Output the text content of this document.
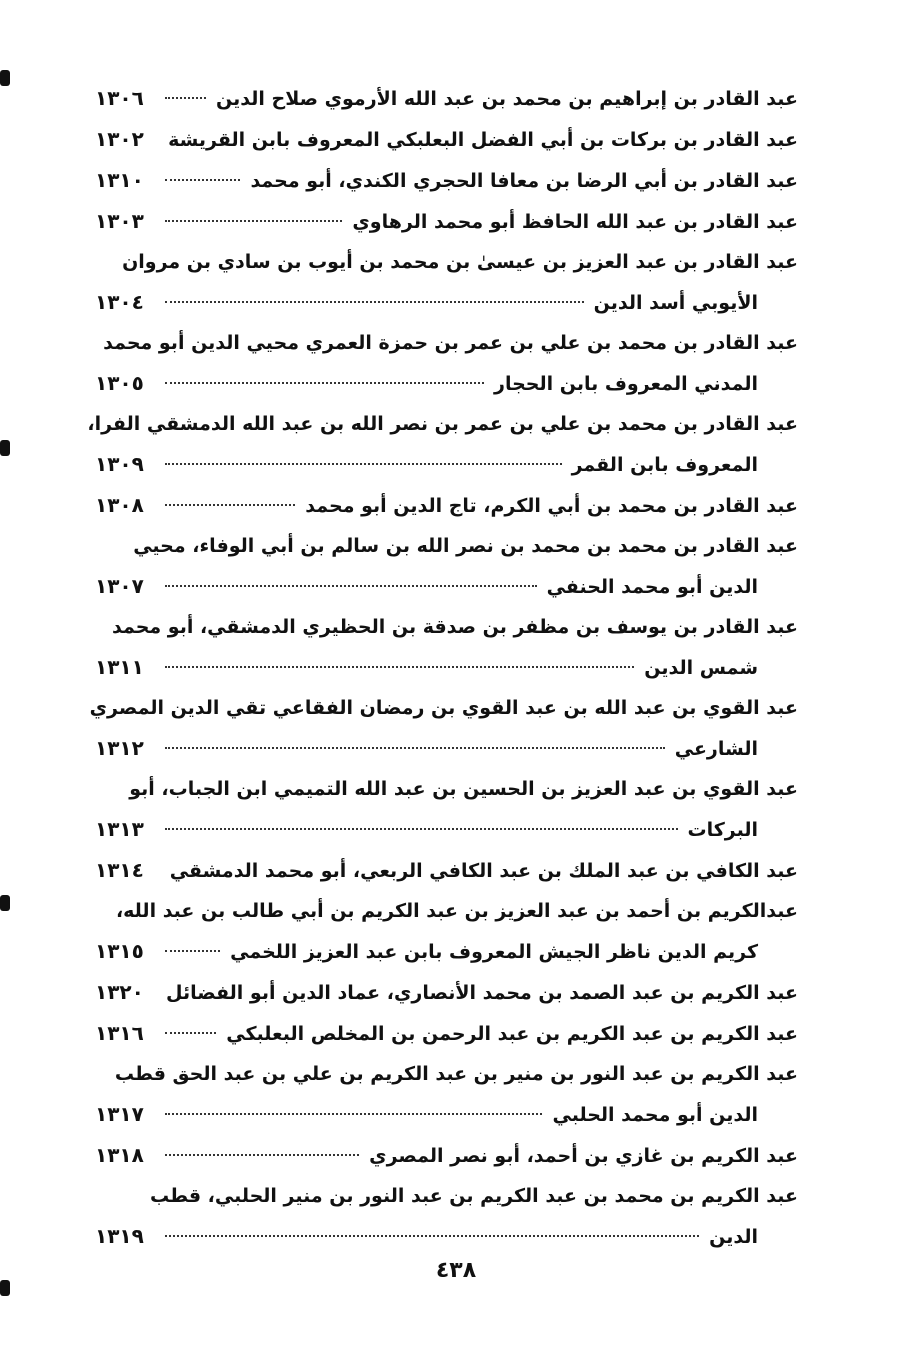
عبد القادر بن إبراهيم بن محمد بن عبد الله الأرموي صلاح الدين
١٣٠٦
عبد القادر بن بركات بن أبي الفضل البعلبكي المعروف بابن القريشة
١٣٠٢
عبد القادر بن أبي الرضا بن معافا الحجري الكندي، أبو محمد
١٣١٠
عبد القادر بن عبد الله الحافظ أبو محمد الرهاوي
١٣٠٣
عبد القادر بن عبد العزيز بن عيسىٰ بن محمد بن أيوب بن سادي بن مروان
الأيوبي أسد الدين
١٣٠٤
عبد القادر بن محمد بن علي بن عمر بن حمزة العمري محيي الدين أبو محمد
المدني المعروف بابن الحجار
١٣٠٥
عبد القادر بن محمد بن علي بن عمر بن نصر الله بن عبد الله الدمشقي الفرا،
المعروف بابن القمر
١٣٠٩
عبد القادر بن محمد بن أبي الكرم، تاج الدين أبو محمد
١٣٠٨
عبد القادر بن محمد بن محمد بن نصر الله بن سالم بن أبي الوفاء، محيي
الدين أبو محمد الحنفي
١٣٠٧
عبد القادر بن يوسف بن مظفر بن صدقة بن الحظيري الدمشقي، أبو محمد
شمس الدين
١٣١١
عبد القوي بن عبد الله بن عبد القوي بن رمضان الفقاعي تقي الدين المصري
الشارعي
١٣١٢
عبد القوي بن عبد العزيز بن الحسين بن عبد الله التميمي ابن الجباب، أبو
البركات
١٣١٣
عبد الكافي بن عبد الملك بن عبد الكافي الربعي، أبو محمد الدمشقي
١٣١٤
عبدالكريم بن أحمد بن عبد العزيز بن عبد الكريم بن أبي طالب بن عبد الله،
كريم الدين ناظر الجيش المعروف بابن عبد العزيز اللخمي
١٣١٥
عبد الكريم بن عبد الصمد بن محمد الأنصاري، عماد الدين أبو الفضائل
١٣٢٠
عبد الكريم بن عبد الكريم بن عبد الرحمن بن المخلص البعلبكي
١٣١٦
عبد الكريم بن عبد النور بن منير بن عبد الكريم بن علي بن عبد الحق قطب
الدين أبو محمد الحلبي
١٣١٧
عبد الكريم بن غازي بن أحمد، أبو نصر المصري
١٣١٨
عبد الكريم بن محمد بن عبد الكريم بن عبد النور بن منير الحلبي، قطب
الدين
١٣١٩
٤٣٨
